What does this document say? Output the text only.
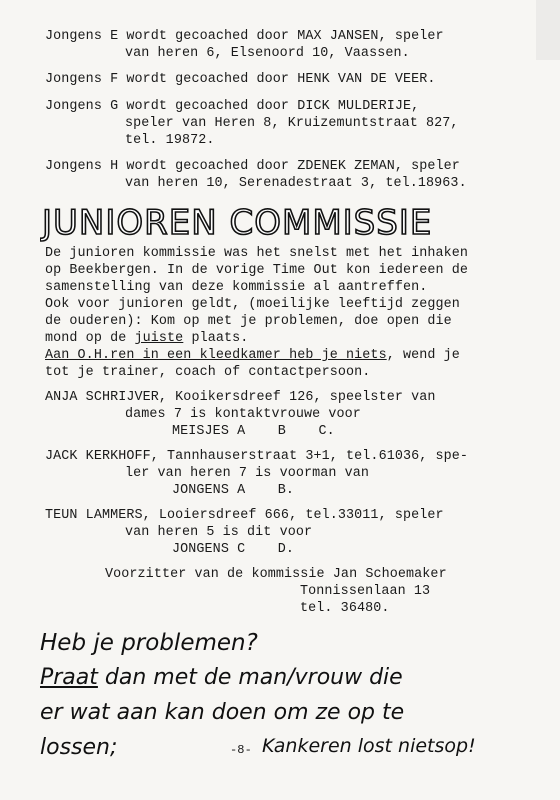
Jongens E wordt gecoached door MAX JANSEN, speler
van heren 6, Elsenoord 10, Vaassen.
Jongens F wordt gecoached door HENK VAN DE VEER.
Jongens G wordt gecoached door DICK MULDERIJE,
speler van Heren 8, Kruizemuntstraat 827,
tel. 19872.
Jongens H wordt gecoached door ZDENEK ZEMAN, speler
van heren 10, Serenadestraat 3, tel.18963.
JUNIOREN COMMISSIE
De junioren kommissie was het snelst met het inhaken
op Beekbergen. In de vorige Time Out kon iedereen de
samenstelling van deze kommissie al aantreffen.
Ook voor junioren geldt, (moeilijke leeftijd zeggen
de ouderen): Kom op met je problemen, doe open die
mond op de juiste plaats.
Aan O.H.ren in een kleedkamer heb je niets, wend je
tot je trainer, coach of contactpersoon.
ANJA SCHRIJVER, Kooikersdreef 126, speelster van
dames 7 is kontaktvrouwe voor
MEISJES A    B    C.
JACK KERKHOFF, Tannhauserstraat 3+1, tel.61036, spe-
ler van heren 7 is voorman van
JONGENS A    B.
TEUN LAMMERS, Looiersdreef 666, tel.33011, speler
van heren 5 is dit voor
JONGENS C    D.
Voorzitter van de kommissie Jan Schoemaker
Tonnissenlaan 13
tel. 36480.
Heb je problemen?
Praat dan met de man/vrouw die
er wat aan kan doen om ze op te
lossen;	-8- Kankeren lost nietsop!
